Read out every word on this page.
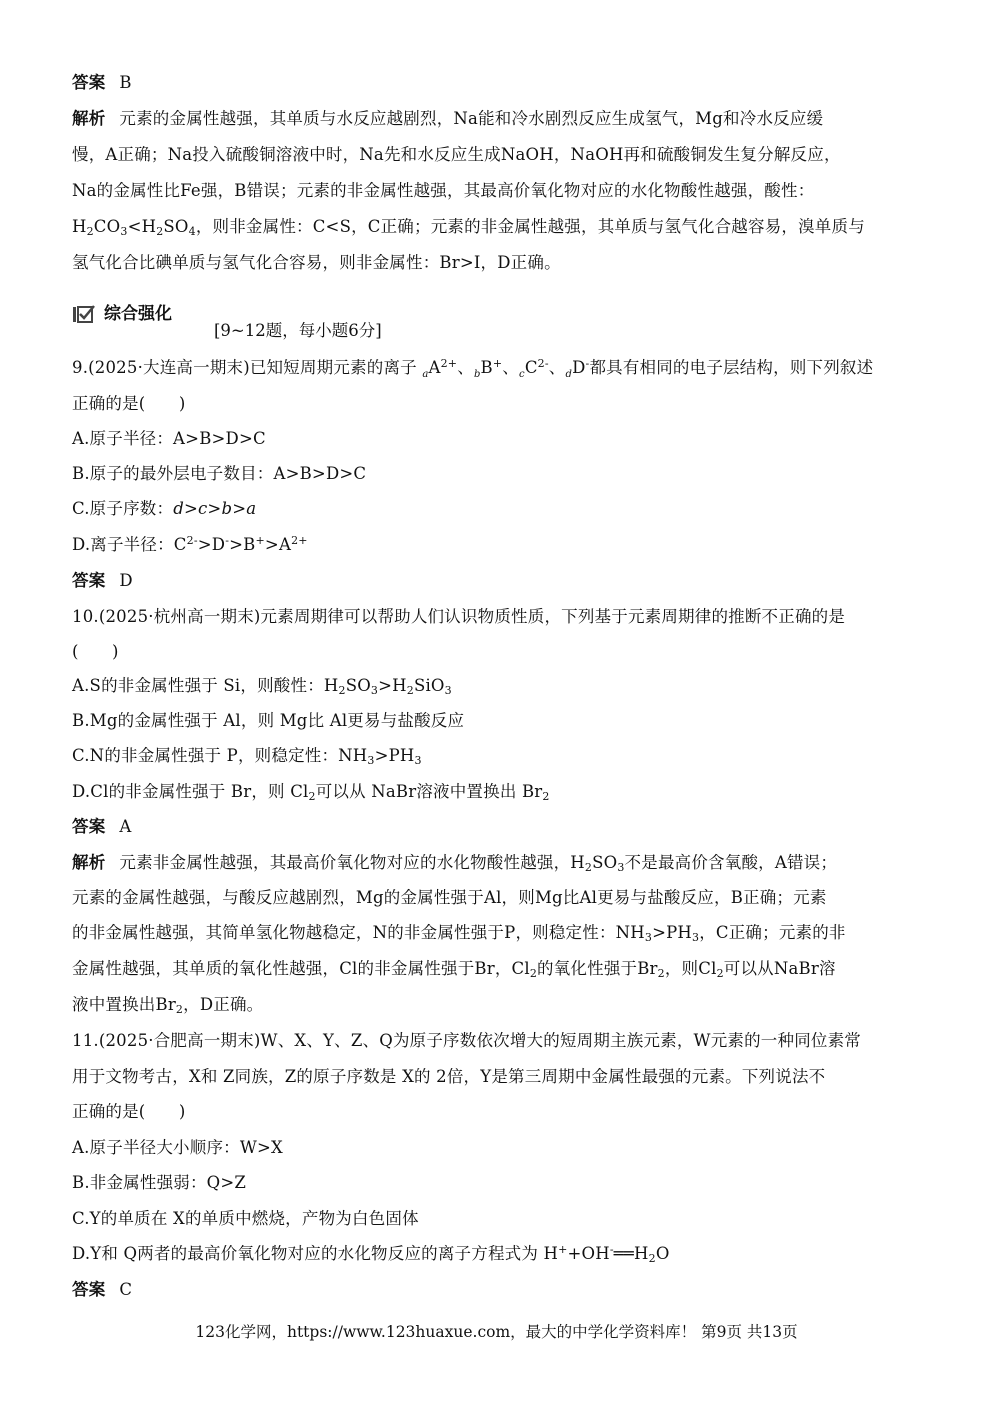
答案 B
解析 元素的金属性越强，其单质与水反应越剧烈，Na能和冷水剧烈反应生成氢气，Mg和冷水反应缓
慢，A正确；Na投入硫酸铜溶液中时，Na先和水反应生成NaOH，NaOH再和硫酸铜发生复分解反应，
Na的金属性比Fe强，B错误；元素的非金属性越强，其最高价氧化物对应的水化物酸性越强，酸性：
$H_2CO_3<H_2SO_4$，则非金属性：C<S，C正确；元素的非金属性越强，其单质与氢气化合越容易，溴单质与
氢气化合比碘单质与氢气化合容易，则非金属性：Br>I，D正确。
综合强化
[9~12题，每小题6分]
9.(2025·大连高一期末)已知短周期元素的离子 $_aA^{2+}$、$_b$B+、$_cC^{2-}$、$_d$D-都具有相同的电子层结构，则下列叙述
正确的是(　　)
A.原子半径：A>B>D>C
B.原子的最外层电子数目：A>B>D>C
C.原子序数：d>c>b>a
D.离子半径：$C^{2-}>D^->B^+>A^{2+}$
答案 D
10.(2025·杭州高一期末)元素周期律可以帮助人们认识物质性质，下列基于元素周期律的推断不正确的是
(　　)
A.S的非金属性强于 Si，则酸性：$H_2SO_3>H_2SiO_3$
B.Mg的金属性强于 Al，则 Mg比 Al更易与盐酸反应
C.N的非金属性强于 P，则稳定性：$NH_3>PH_3$
D.Cl的非金属性强于 Br，则 $Cl_2$可以从 NaBr溶液中置换出 $Br_2$
答案 A
解析 元素非金属性越强，其最高价氧化物对应的水化物酸性越强，$H_2SO_3$不是最高价含氧酸，A错误；
元素的金属性越强，与酸反应越剧烈，Mg的金属性强于Al，则Mg比Al更易与盐酸反应，B正确；元素
的非金属性越强，其简单氢化物越稳定，N的非金属性强于P，则稳定性：$NH_3>PH_3$，C正确；元素的非
金属性越强，其单质的氧化性越强，Cl的非金属性强于Br，$Cl_2$的氧化性强于$Br_2$，则$Cl_2$可以从NaBr溶
液中置换出$Br_2$，D正确。
11.(2025·合肥高一期末)W、X、Y、Z、Q为原子序数依次增大的短周期主族元素，W元素的一种同位素常
用于文物考古，X和 Z同族，Z的原子序数是 X的 2倍，Y是第三周期中金属性最强的元素。下列说法不
正确的是(　　)
A.原子半径大小顺序：W>X
B.非金属性强弱：Q>Z
C.Y的单质在 X的单质中燃烧，产物为白色固体
D.Y和 Q两者的最高价氧化物对应的水化物反应的离子方程式为 $H^++OH^-══H_2O$
答案 C
123化学网，https://www.123huaxue.com，最大的中学化学资料库！ 第9页 共13页
